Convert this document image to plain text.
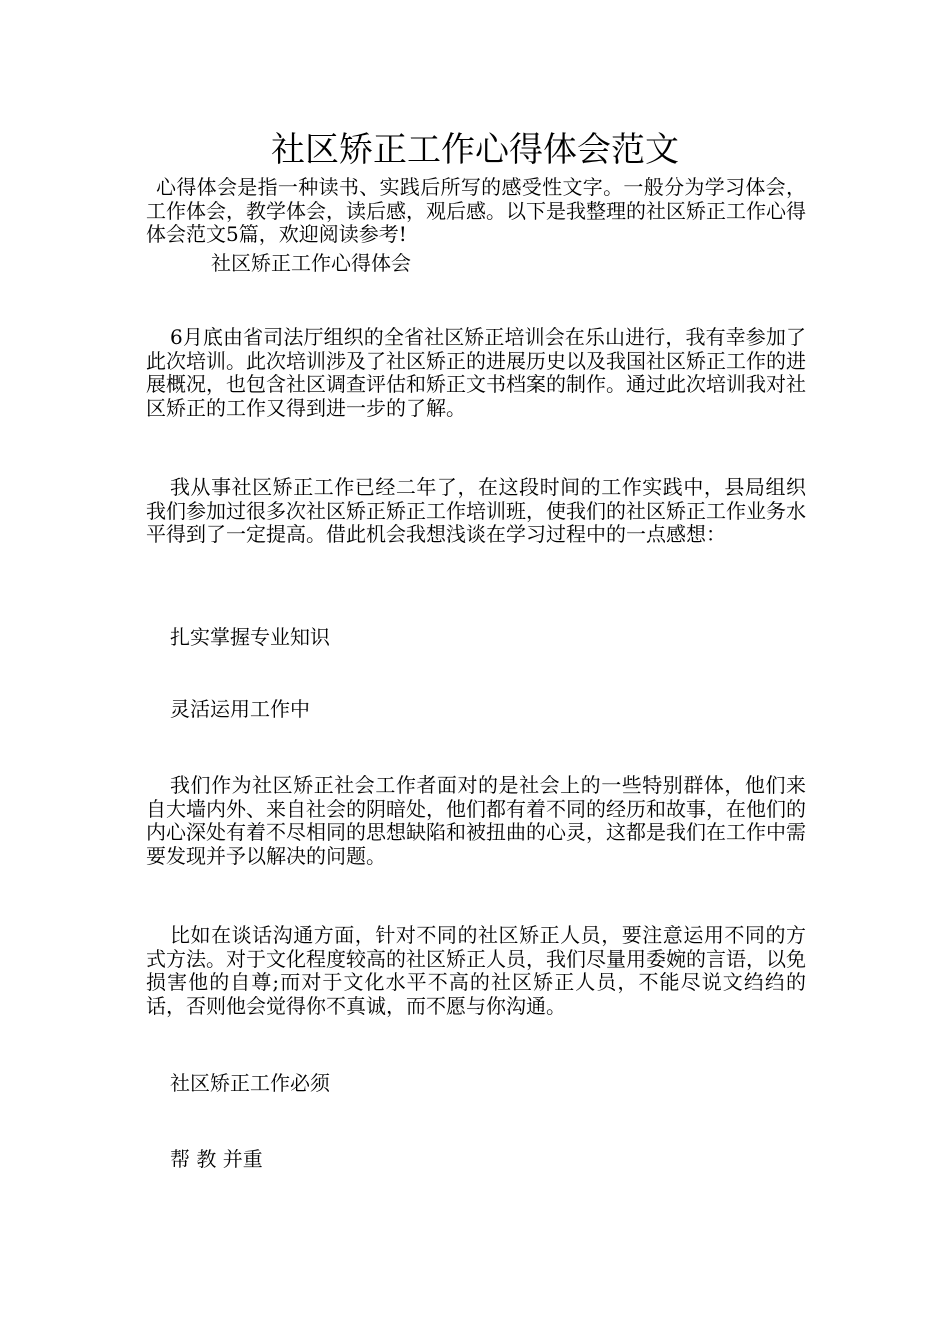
社区矫正工作心得体会范文

心得体会是指一种读书、实践后所写的感受性文字。一般分为学习体会，工作体会，教学体会，读后感，观后感。以下是我整理的社区矫正工作心得体会范文5篇，欢迎阅读参考!

社区矫正工作心得体会

6月底由省司法厅组织的全省社区矫正培训会在乐山进行，我有幸参加了此次培训。此次培训涉及了社区矫正的进展历史以及我国社区矫正工作的进展概况，也包含社区调查评估和矫正文书档案的制作。通过此次培训我对社区矫正的工作又得到进一步的了解。

我从事社区矫正工作已经二年了，在这段时间的工作实践中，县局组织我们参加过很多次社区矫正矫正工作培训班，使我们的社区矫正工作业务水平得到了一定提高。借此机会我想浅谈在学习过程中的一点感想：

扎实掌握专业知识

灵活运用工作中

我们作为社区矫正社会工作者面对的是社会上的一些特别群体，他们来自大墙内外、来自社会的阴暗处，他们都有着不同的经历和故事，在他们的内心深处有着不尽相同的思想缺陷和被扭曲的心灵，这都是我们在工作中需要发现并予以解决的问题。

比如在谈话沟通方面，针对不同的社区矫正人员，要注意运用不同的方式方法。对于文化程度较高的社区矫正人员，我们尽量用委婉的言语，以免损害他的自尊;而对于文化水平不高的社区矫正人员，不能尽说文绉绉的话，否则他会觉得你不真诚，而不愿与你沟通。

社区矫正工作必须

帮 教 并重
